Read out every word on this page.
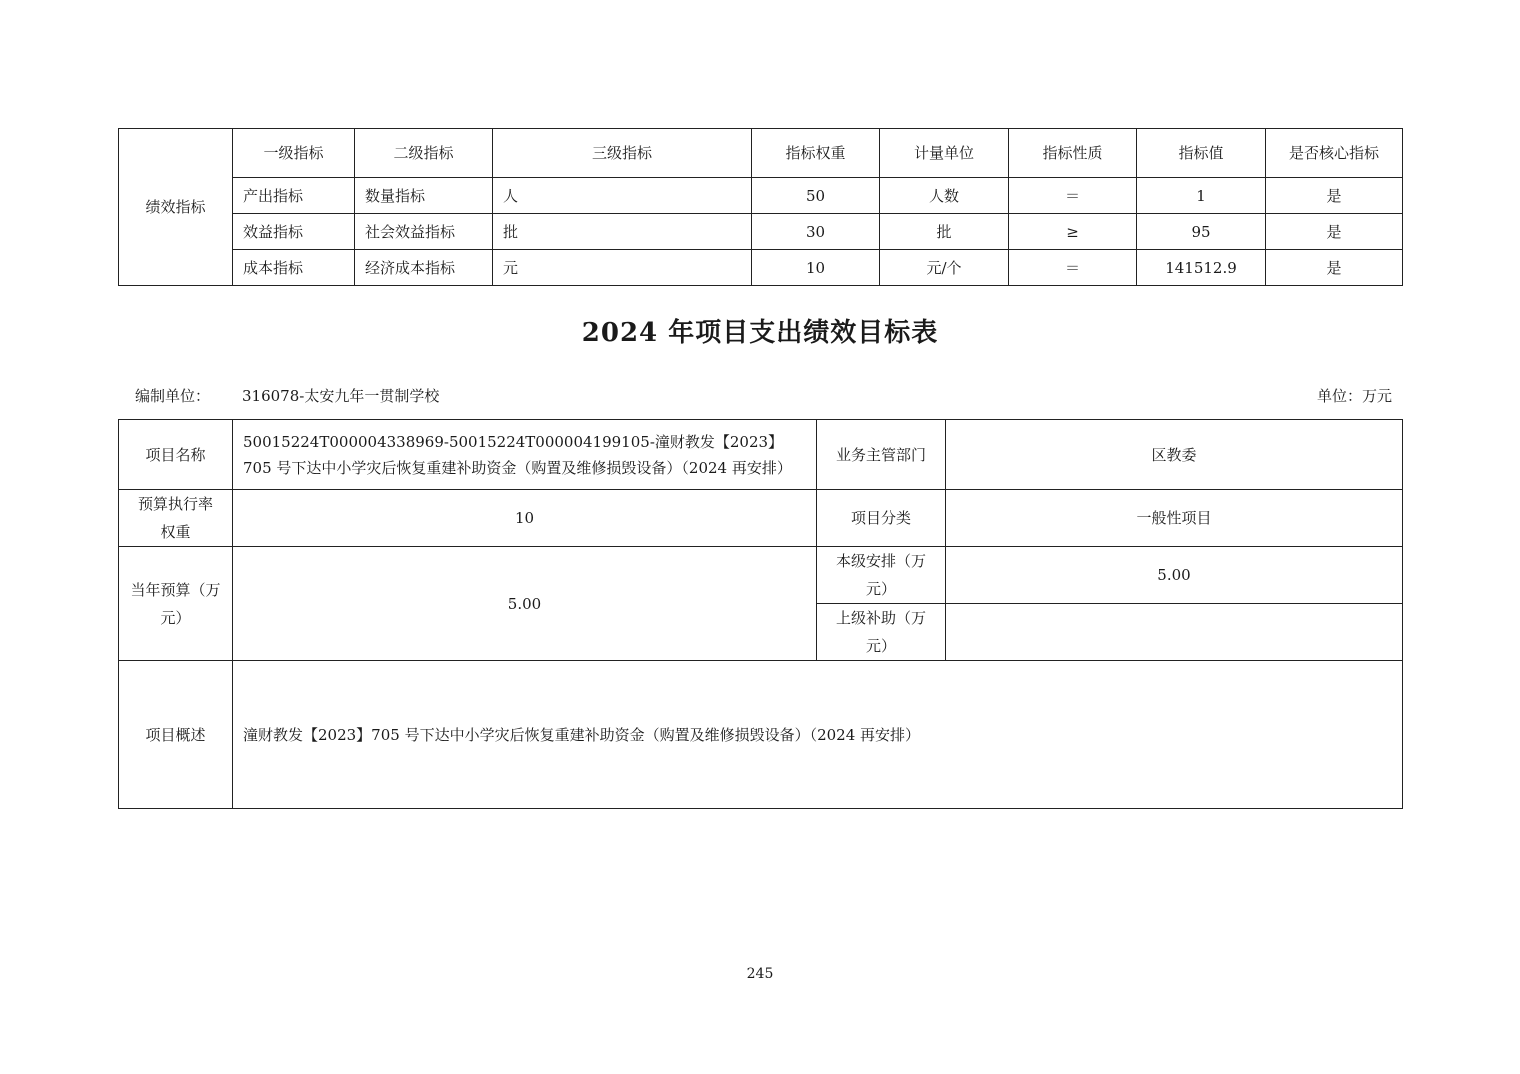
绩效指标	一级指标	二级指标	三级指标	指标权重	计量单位	指标性质	指标值	是否核心指标
	产出指标	数量指标	人	50	人数	＝	1	是
	效益指标	社会效益指标	批	30	批	≥	95	是
	成本指标	经济成本指标	元	10	元/个	＝	141512.9	是
2024 年项目支出绩效目标表
编制单位： 316078-太安九年一贯制学校	单位：万元
项目名称	50015224T000004338969-50015224T000004199105-潼财教发【2023】705 号下达中小学灾后恢复重建补助资金（购置及维修损毁设备）（2024 再安排）	业务主管部门	区教委
预算执行率权重	10	项目分类	一般性项目
当年预算（万元）	5.00	本级安排（万元）	5.00
		上级补助（万元）	
项目概述	潼财教发【2023】705 号下达中小学灾后恢复重建补助资金（购置及维修损毁设备）（2024 再安排）		
245
